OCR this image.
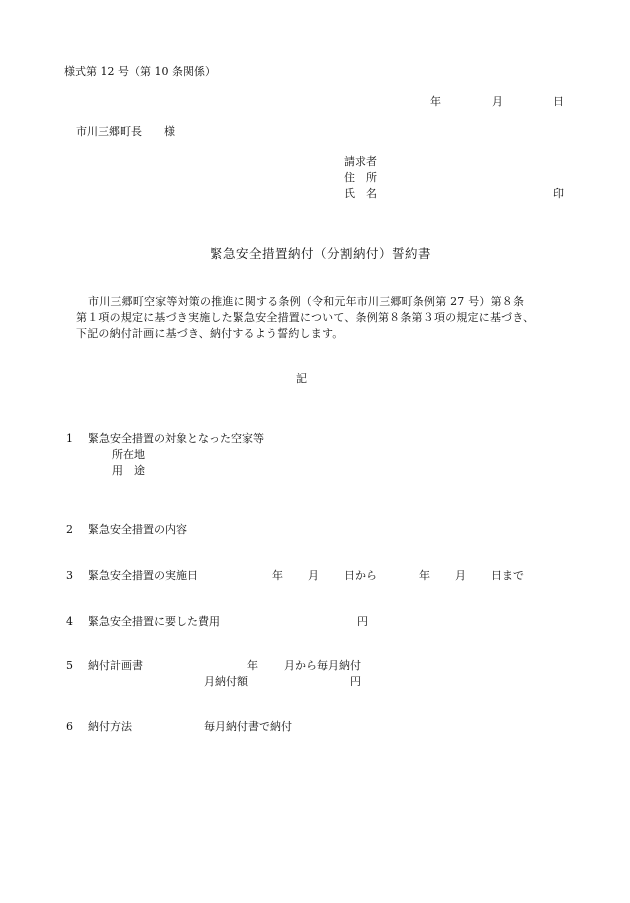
様式第 12 号（第 10 条関係）
年	月	日
市川三郷町長　　様
請求者
住　所
氏　名	印
緊急安全措置納付（分割納付）誓約書
市川三郷町空家等対策の推進に関する条例（令和元年市川三郷町条例第 27 号）第８条
第１項の規定に基づき実施した緊急安全措置について、条例第８条第３項の規定に基づき、
下記の納付計画に基づき、納付するよう誓約します。
記
1 緊急安全措置の対象となった空家等
所在地
用　途
2 緊急安全措置の内容
3 緊急安全措置の実施日	年 月 日から	年 月 日まで
4 緊急安全措置に要した費用	円
5 納付計画書	年 月から毎月納付
月納付額	円
6 納付方法	毎月納付書で納付
